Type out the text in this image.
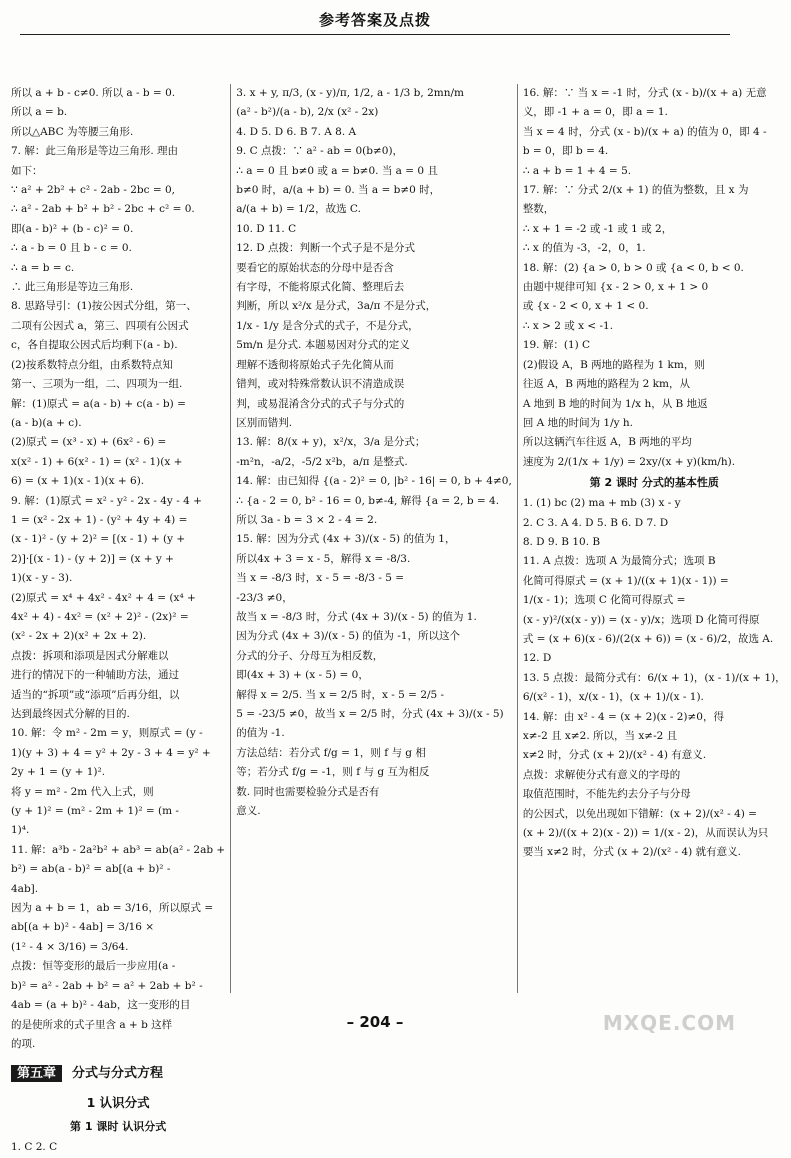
参考答案及点拨
所以 a + b - c≠0. 所以 a - b = 0.
所以 a = b.
所以△ABC 为等腰三角形.
7. 解：此三角形是等边三角形. 理由
如下：
∵ a² + 2b² + c² - 2ab - 2bc = 0,
∴ a² - 2ab + b² + b² - 2bc + c² = 0.
即(a - b)² + (b - c)² = 0.
∴ a - b = 0 且 b - c = 0.
∴ a = b = c.
∴ 此三角形是等边三角形.
8. 思路导引：(1)按公因式分组，第一、
二项有公因式 a，第三、四项有公因式
c，各自提取公因式后均剩下(a - b).
(2)按系数特点分组，由系数特点知
第一、三项为一组，二、四项为一组.
解：(1)原式 = a(a - b) + c(a - b) =
(a - b)(a + c).
(2)原式 = (x³ - x) + (6x² - 6) =
x(x² - 1) + 6(x² - 1) = (x² - 1)(x +
6) = (x + 1)(x - 1)(x + 6).
9. 解：(1)原式 = x² - y² - 2x - 4y - 4 +
1 = (x² - 2x + 1) - (y² + 4y + 4) =
(x - 1)² - (y + 2)² = [(x - 1) + (y +
2)]·[(x - 1) - (y + 2)] = (x + y +
1)(x - y - 3).
(2)原式 = x⁴ + 4x² - 4x² + 4 = (x⁴ +
4x² + 4) - 4x² = (x² + 2)² - (2x)² =
(x² - 2x + 2)(x² + 2x + 2).
点拨：拆项和添项是因式分解难以
进行的情况下的一种辅助方法，通过
适当的“拆项”或“添项”后再分组，以
达到最终因式分解的目的.
10. 解：令 m² - 2m = y，则原式 = (y -
1)(y + 3) + 4 = y² + 2y - 3 + 4 = y² +
2y + 1 = (y + 1)².
将 y = m² - 2m 代入上式，则
(y + 1)² = (m² - 2m + 1)² = (m -
1)⁴.
11. 解：a³b - 2a²b² + ab³ = ab(a² - 2ab +
b²) = ab(a - b)² = ab[(a + b)² -
4ab].
因为 a + b = 1，ab = 3/16，所以原式 =
ab[(a + b)² - 4ab] = 3/16 ×
(1² - 4 × 3/16) = 3/64.
点拨：恒等变形的最后一步应用(a -
b)² = a² - 2ab + b² = a² + 2ab + b² -
4ab = (a + b)² - 4ab，这一变形的目
的是使所求的式子里含 a + b 这样
的项.
第五章 分式与分式方程
1 认识分式
第 1 课时 认识分式
1. C 2. C
3. x + y, π/3, (x - y)/π, 1/2, a - 1/3 b, 2mn/m
(a² - b²)/(a - b), 2/x (x² - 2x)
4. D 5. D 6. B 7. A 8. A
9. C 点拨：∵ a² - ab = 0(b≠0)，
∴ a = 0 且 b≠0 或 a = b≠0. 当 a = 0 且
b≠0 时，a/(a + b) = 0. 当 a = b≠0 时，
a/(a + b) = 1/2，故选 C.
10. D 11. C
12. D 点拨：判断一个式子是不是分式
要看它的原始状态的分母中是否含
有字母，不能将原式化简、整理后去
判断，所以 x²/x 是分式，3a/π 不是分式，
1/x - 1/y 是含分式的式子，不是分式，
5m/n 是分式. 本题易因对分式的定义
理解不透彻将原始式子先化简从而
错判，或对特殊常数认识不清造成误
判，或易混淆含分式的式子与分式的
区别而错判.
13. 解：8/(x + y)，x²/x，3/a 是分式；
-m²n，-a/2，-5/2 x²b，a/π 是整式.
14. 解：由已知得 {(a - 2)² = 0, |b² - 16| = 0, b + 4≠0,
∴ {a - 2 = 0, b² - 16 = 0, b≠-4, 解得 {a = 2, b = 4.
所以 3a - b = 3 × 2 - 4 = 2.
15. 解：因为分式 (4x + 3)/(x - 5) 的值为 1，
所以4x + 3 = x - 5，解得 x = -8/3.
当 x = -8/3 时，x - 5 = -8/3 - 5 =
-23/3 ≠0，
故当 x = -8/3 时，分式 (4x + 3)/(x - 5) 的值为 1.
因为分式 (4x + 3)/(x - 5) 的值为 -1，所以这个
分式的分子、分母互为相反数，
即(4x + 3) + (x - 5) = 0，
解得 x = 2/5. 当 x = 2/5 时，x - 5 = 2/5 -
5 = -23/5 ≠0，故当 x = 2/5 时，分式 (4x + 3)/(x - 5)
的值为 -1.
方法总结：若分式 f/g = 1，则 f 与 g 相
等；若分式 f/g = -1，则 f 与 g 互为相反
数. 同时也需要检验分式是否有
意义.
16. 解：∵ 当 x = -1 时，分式 (x - b)/(x + a) 无意
义，即 -1 + a = 0，即 a = 1.
当 x = 4 时，分式 (x - b)/(x + a) 的值为 0，即 4 -
b = 0，即 b = 4.
∴ a + b = 1 + 4 = 5.
17. 解：∵ 分式 2/(x + 1) 的值为整数，且 x 为
整数，
∴ x + 1 = -2 或 -1 或 1 或 2，
∴ x 的值为 -3，-2，0，1.
18. 解：(2) {a > 0, b > 0 或 {a < 0, b < 0.
由题中规律可知 {x - 2 > 0, x + 1 > 0
或 {x - 2 < 0, x + 1 < 0.
∴ x > 2 或 x < -1.
19. 解：(1) C
(2)假设 A，B 两地的路程为 1 km，则
往返 A，B 两地的路程为 2 km，从
A 地到 B 地的时间为 1/x h，从 B 地返
回 A 地的时间为 1/y h.
所以这辆汽车往返 A，B 两地的平均
速度为 2/(1/x + 1/y) = 2xy/(x + y)(km/h).
第 2 课时 分式的基本性质
1. (1) bc (2) ma + mb (3) x - y
2. C 3. A 4. D 5. B 6. D 7. D
8. D 9. B 10. B
11. A 点拨：选项 A 为最简分式；选项 B
化简可得原式 = (x + 1)/((x + 1)(x - 1)) =
1/(x - 1)；选项 C 化简可得原式 =
(x - y)²/(x(x - y)) = (x - y)/x；选项 D 化简可得原
式 = (x + 6)(x - 6)/(2(x + 6)) = (x - 6)/2，故选 A.
12. D
13. 5 点拨：最简分式有：6/(x + 1)，(x - 1)/(x + 1)，
6/(x² - 1)，x/(x - 1)，(x + 1)/(x - 1).
14. 解：由 x² - 4 = (x + 2)(x - 2)≠0，得
x≠-2 且 x≠2. 所以，当 x≠-2 且
x≠2 时，分式 (x + 2)/(x² - 4) 有意义.
点拨：求解使分式有意义的字母的
取值范围时，不能先约去分子与分母
的公因式，以免出现如下错解：(x + 2)/(x² - 4) =
(x + 2)/((x + 2)(x - 2)) = 1/(x - 2)，从而误认为只
要当 x≠2 时，分式 (x + 2)/(x² - 4) 就有意义.
– 204 –	MXQE.COM
